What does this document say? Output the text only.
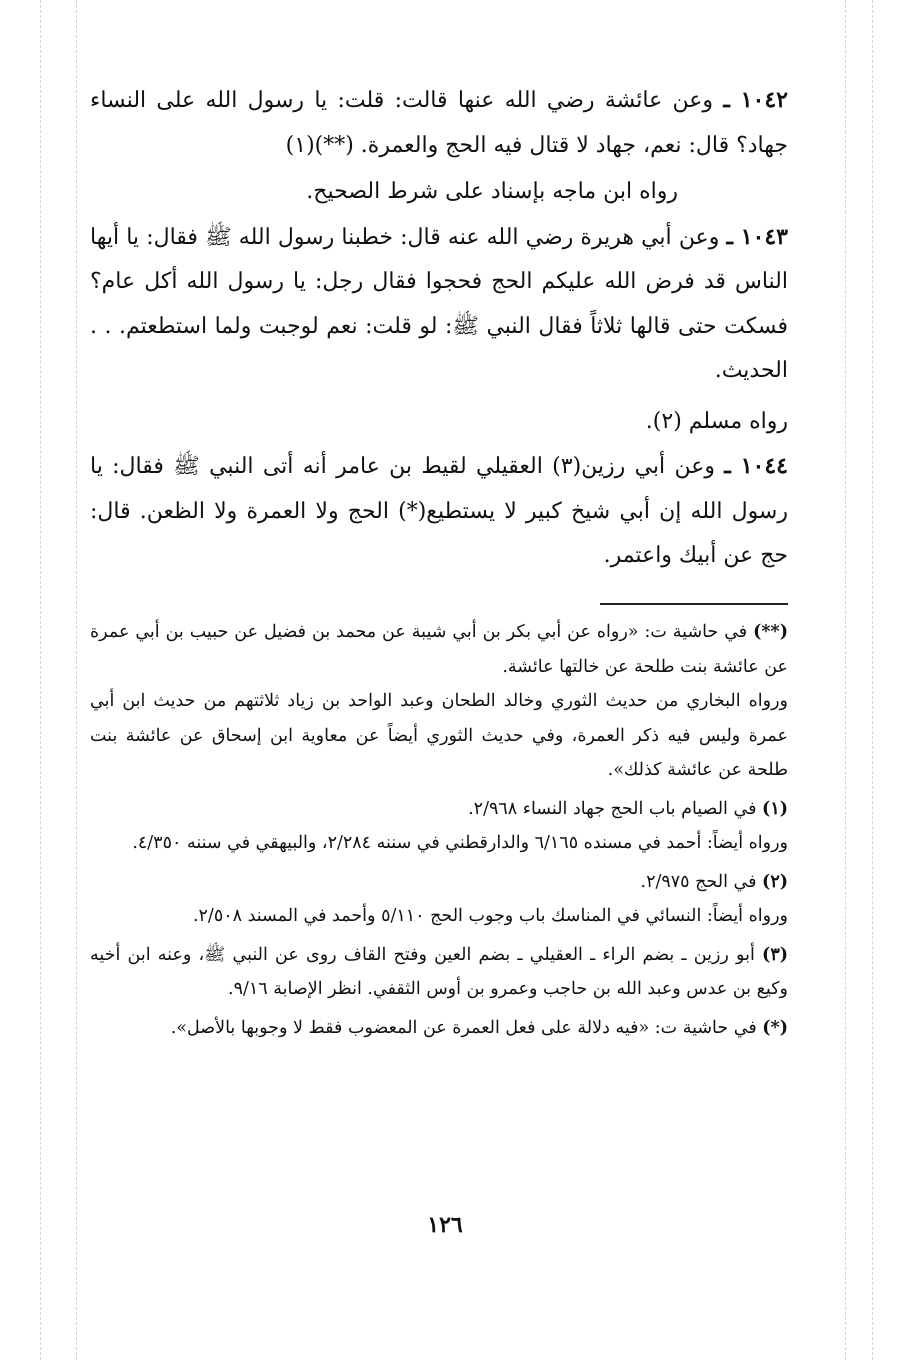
١٠٤٢ ـ وعن عائشة رضي الله عنها قالت: قلت: يا رسول الله على النساء جهاد؟ قال: نعم، جهاد لا قتال فيه الحج والعمرة. (**)(١)

رواه ابن ماجه بإسناد على شرط الصحيح.

١٠٤٣ ـ وعن أبي هريرة رضي الله عنه قال: خطبنا رسول الله ﷺ فقال: يا أيها الناس قد فرض الله عليكم الحج فحجوا فقال رجل: يا رسول الله أكل عام؟ فسكت حتى قالها ثلاثاً فقال النبي ﷺ: لو قلت: نعم لوجبت ولما استطعتم. . . الحديث.

رواه مسلم (٢).

١٠٤٤ ـ وعن أبي رزين(٣) العقيلي لقيط بن عامر أنه أتى النبي ﷺ فقال: يا رسول الله إن أبي شيخ كبير لا يستطيع(*) الحج ولا العمرة ولا الظعن. قال: حج عن أبيك واعتمر.

(**) في حاشية ت: «رواه عن أبي بكر بن أبي شيبة عن محمد بن فضيل عن حبيب بن أبي عمرة عن عائشة بنت طلحة عن خالتها عائشة.

ورواه البخاري من حديث الثوري وخالد الطحان وعبد الواحد بن زياد ثلاثتهم من حديث ابن أبي عمرة وليس فيه ذكر العمرة، وفي حديث الثوري أيضاً عن معاوية ابن إسحاق عن عائشة بنت طلحة عن عائشة كذلك».

(١) في الصيام باب الحج جهاد النساء ٢/٩٦٨.

ورواه أيضاً: أحمد في مسنده ٦/١٦٥ والدارقطني في سننه ٢/٢٨٤، والبيهقي في سننه ٤/٣٥٠.

(٢) في الحج ٢/٩٧٥.

ورواه أيضاً: النسائي في المناسك باب وجوب الحج ٥/١١٠ وأحمد في المسند ٢/٥٠٨.

(٣) أبو رزين ـ بضم الراء ـ العقيلي ـ بضم العين وفتح القاف روى عن النبي ﷺ، وعنه ابن أخيه وكيع بن عدس وعبد الله بن حاجب وعمرو بن أوس الثقفي. انظر الإصابة ٩/١٦.

(*) في حاشية ت: «فيه دلالة على فعل العمرة عن المعضوب فقط لا وجوبها بالأصل».

١٢٦
